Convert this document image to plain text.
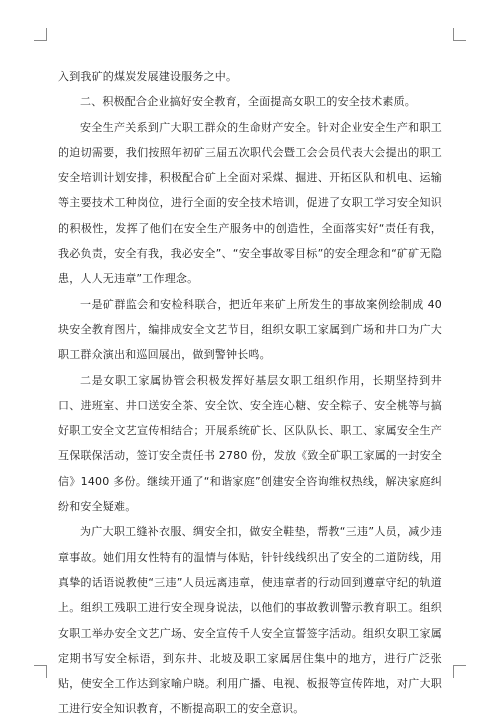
入到我矿的煤炭发展建设服务之中。

二、积极配合企业搞好安全教育，全面提高女职工的安全技术素质。

安全生产关系到广大职工群众的生命财产安全。针对企业安全生产和职工的迫切需要，我们按照年初矿三届五次职代会暨工会会员代表大会提出的职工安全培训计划安排，积极配合矿上全面对采煤、掘进、开拓区队和机电、运输等主要技术工种岗位，进行全面的安全技术培训，促进了女职工学习安全知识的积极性，发挥了他们在安全生产服务中的创造性，全面落实好“责任有我，我必负责，安全有我，我必安全”、“安全事故零目标”的安全理念和“矿矿无隐患，人人无违章”工作理念。

一是矿群监会和安检科联合，把近年来矿上所发生的事故案例绘制成 40 块安全教育图片，编排成安全文艺节目，组织女职工家属到广场和井口为广大职工群众演出和巡回展出，做到警钟长鸣。

二是女职工家属协管会积极发挥好基层女职工组织作用，长期坚持到井口、进班室、井口送安全茶、安全饮、安全连心糖、安全粽子、安全桃等与搞好职工安全文艺宣传相结合；开展系统矿长、区队队长、职工、家属安全生产互保联保活动，签订安全责任书 2780 份，发放《致全矿职工家属的一封安全信》1400 多份。继续开通了“和谐家庭”创建安全咨询维权热线，解决家庭纠纷和安全疑难。

为广大职工缝补衣服、绸安全扣，做安全鞋垫，帮教“三违”人员，减少违章事故。她们用女性特有的温情与体贴，针针线线织出了安全的二道防线，用真挚的话语说教使“三违”人员远离违章，使违章者的行动回到遵章守纪的轨道上。组织工残职工进行安全现身说法，以他们的事故教训警示教育职工。组织女职工举办安全文艺广场、安全宣传千人安全宣誓签字活动。组织女职工家属定期书写安全标语，到东井、北坡及职工家属居住集中的地方，进行广泛张贴，使安全工作达到家喻户晓。利用广播、电视、板报等宣传阵地，对广大职工进行安全知识教育，不断提高职工的安全意识。
